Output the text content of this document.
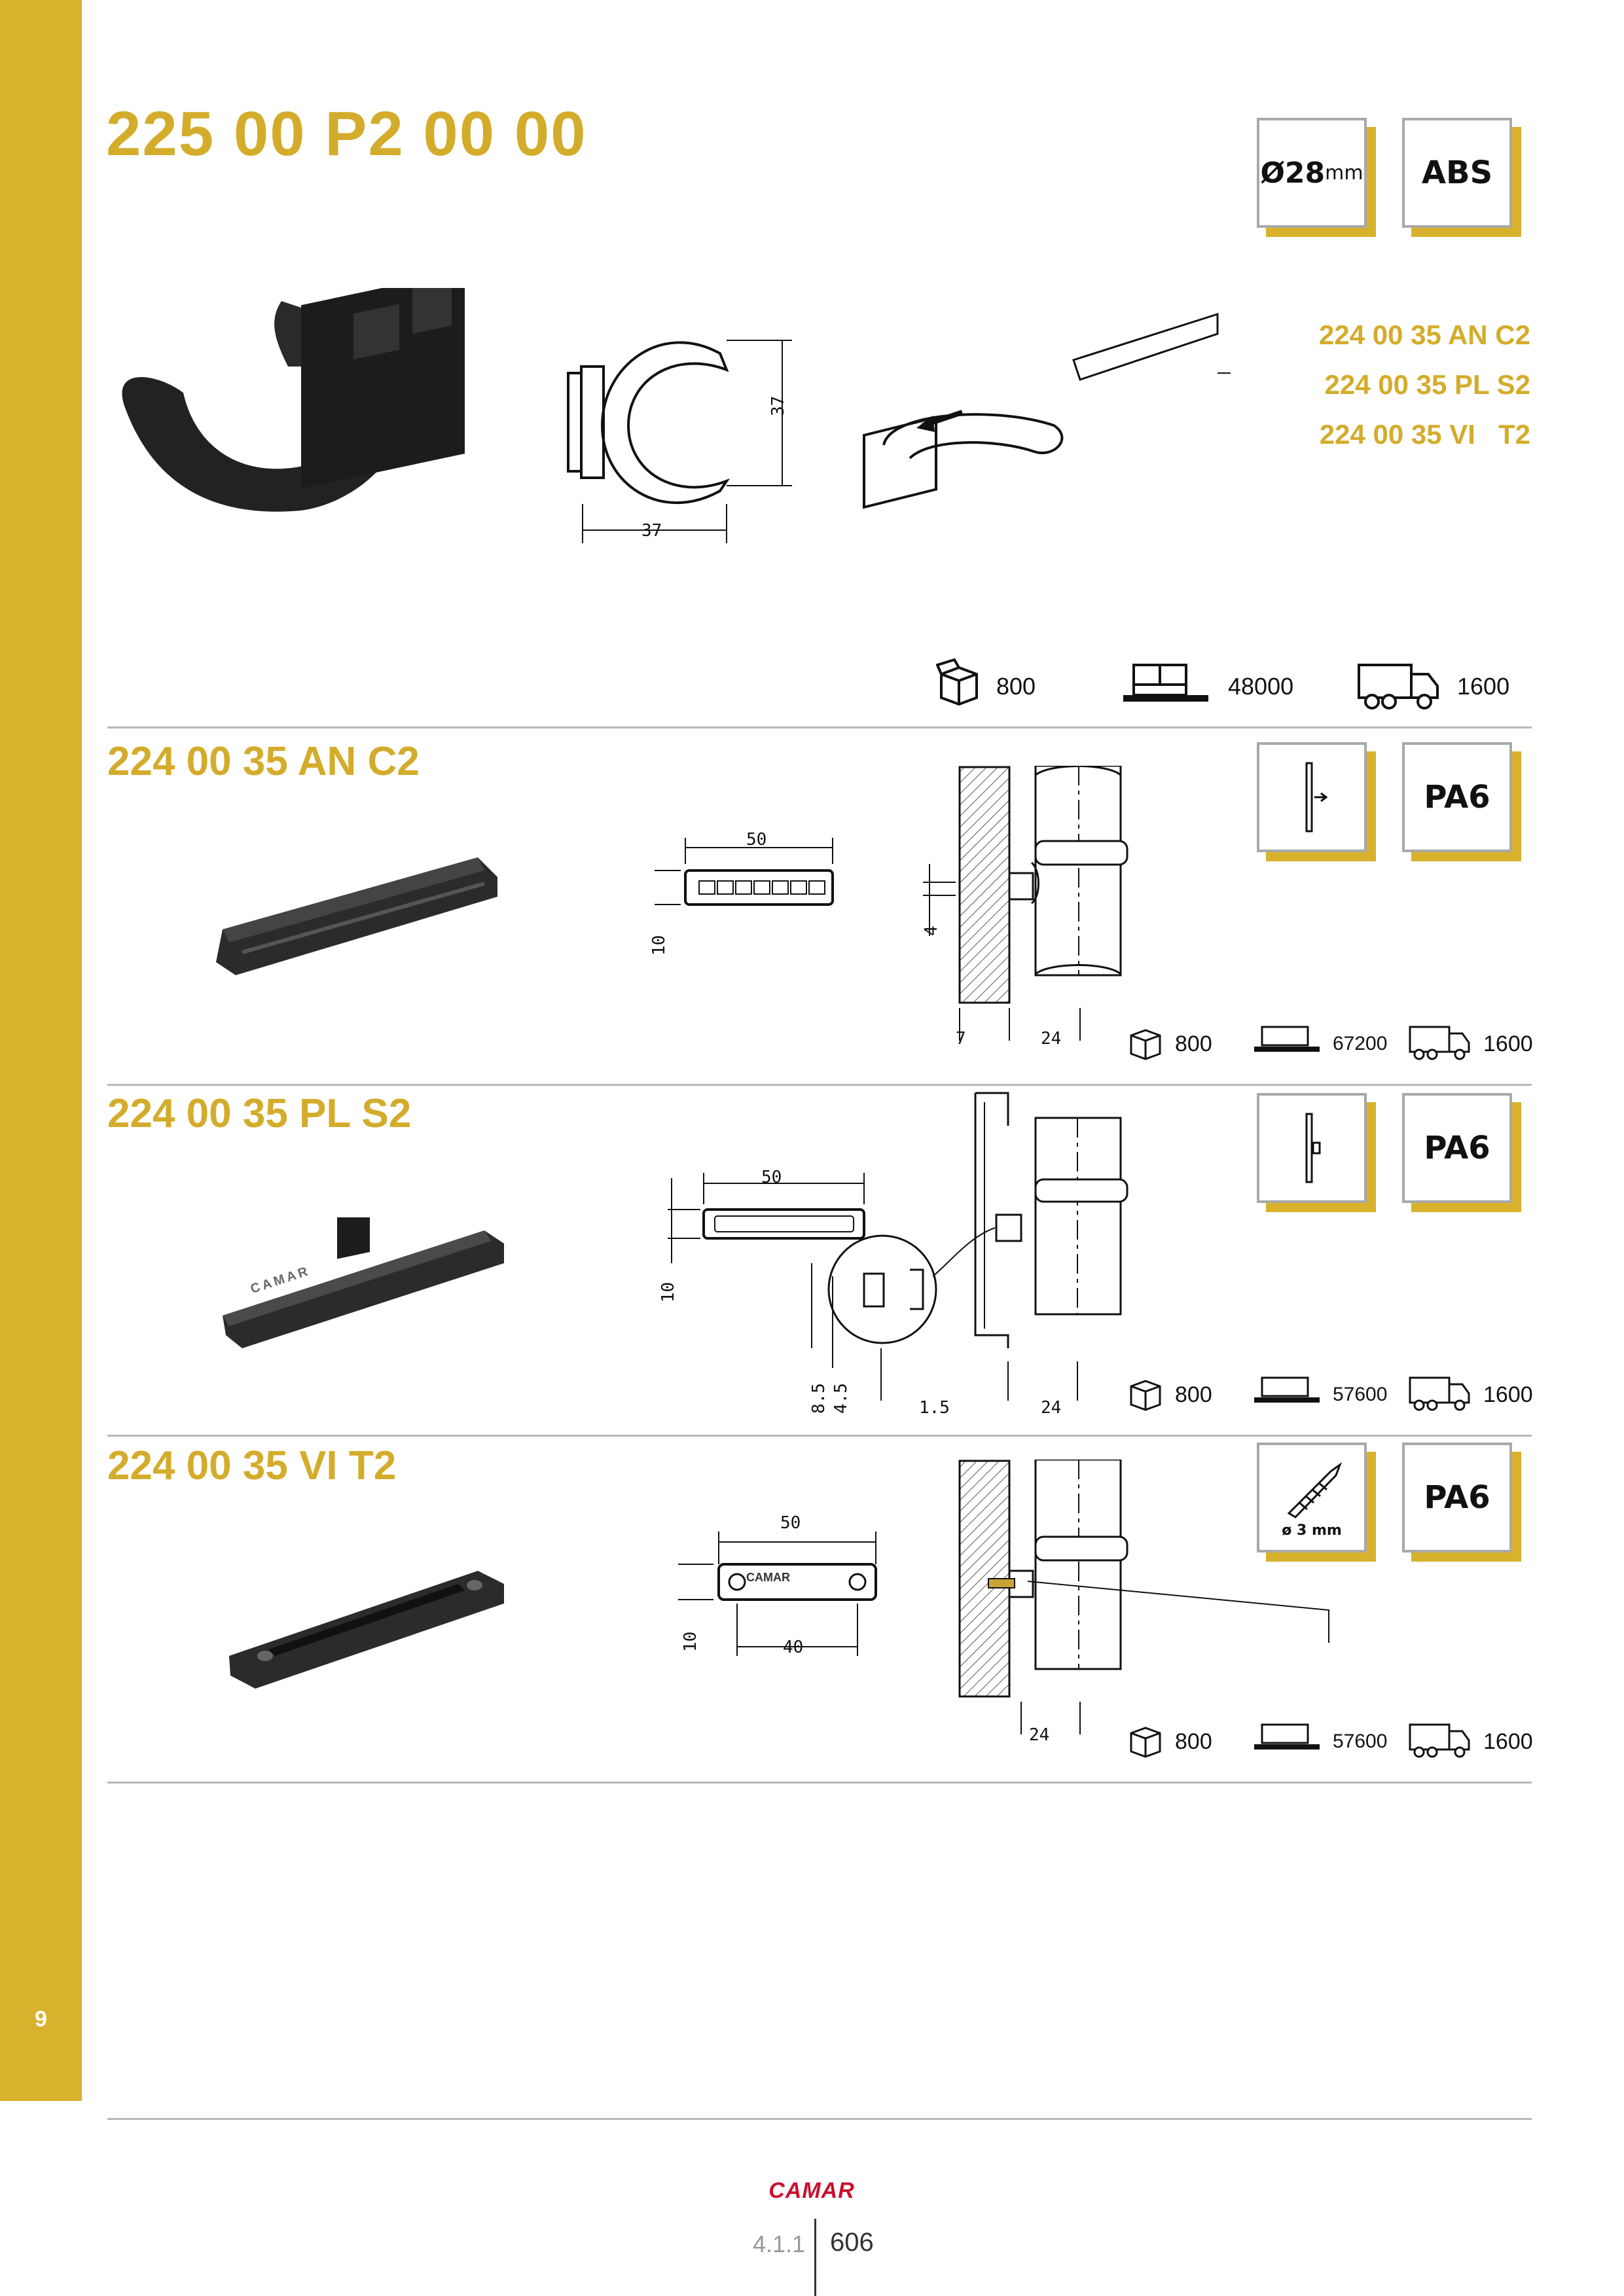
9
225 00 P2 00 00
Ø28 mm ABS
224 00 35 AN C2
224 00 35 PL S2
224 00 35 VI   T2
37
37
800	48000	1600
224 00 35 AN C2
PA6
50
10
4
7	24	800	67200	1600
224 00 35 PL S2
PA6
CAMAR
50
10
8.5 4.5	1.5	24
800	57600	1600
224 00 35 VI T2
ø 3 mm
PA6
CAMAR
50
10	40
24	800	57600	1600
CAMAR
4.1.1 606
